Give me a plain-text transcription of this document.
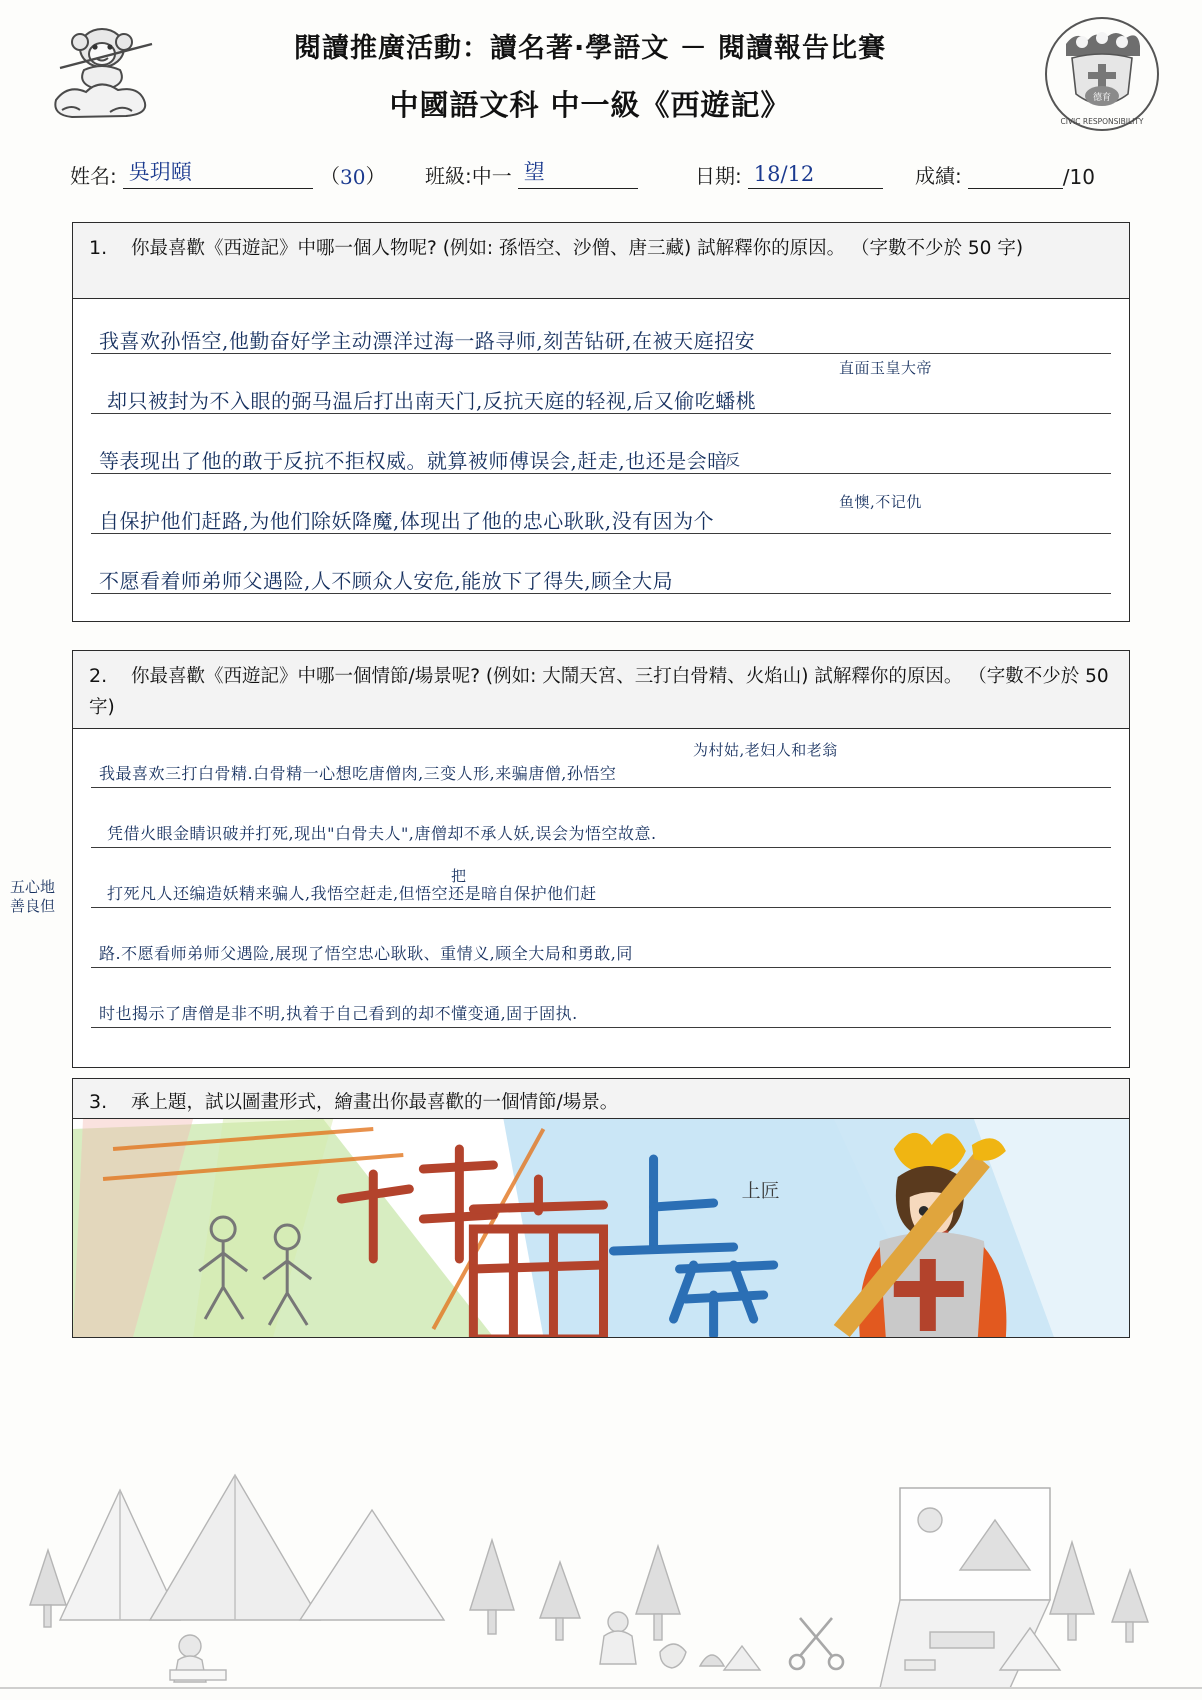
閱讀推廣活動：讀名著·學語文 － 閱讀報告比賽
中國語文科 中一級《西遊記》	德育
CIVIC RESPONSIBILITY
姓名: 吳玥頤	（ 30 ） 班級:中一 望	日期: 18/12	成績:	/10
1. 你最喜歡《西遊記》中哪一個人物呢? (例如: 孫悟空、沙僧、唐三藏) 試解釋你的原因。 （字數不少於 50 字)
我喜欢孙悟空,他勤奋好学主动漂洋过海一路寻师,刻苦钻研,在被天庭招安
却只被封为不入眼的弼马温后打出南天门,反抗天庭的轻视,后又偷吃蟠桃
等表现出了他的敢于反抗不拒权威。就算被师傅误会,赶走,也还是会暗
自保护他们赶路,为他们除妖降魔,体现出了他的忠心耿耿,没有因为个
不愿看着师弟师父遇险,人不顾众人安危,能放下了得失,顾全大局
直面玉皇大帝
反
鱼懊,不记仇
2. 你最喜歡《西遊記》中哪一個情節/場景呢? (例如: 大鬧天宮、三打白骨精、火焰山) 試解釋你的原因。 （字數不少於 50 字)
我最喜欢三打白骨精.白骨精一心想吃唐僧肉,三变人形,来骗唐僧,孙悟空
凭借火眼金睛识破并打死,现出"白骨夫人",唐僧却不承人妖,误会为悟空故意.
打死凡人还编造妖精来骗人,我悟空赶走,但悟空还是暗自保护他们赶
路.不愿看师弟师父遇险,展现了悟空忠心耿耿、重情义,顾全大局和勇敢,同
时也揭示了唐僧是非不明,执着于自己看到的却不懂变通,固于固执.
为村姑,老妇人和老翁
把
五心地善良但
3. 承上題，試以圖畫形式，繪畫出你最喜歡的一個情節/場景。
上匠
